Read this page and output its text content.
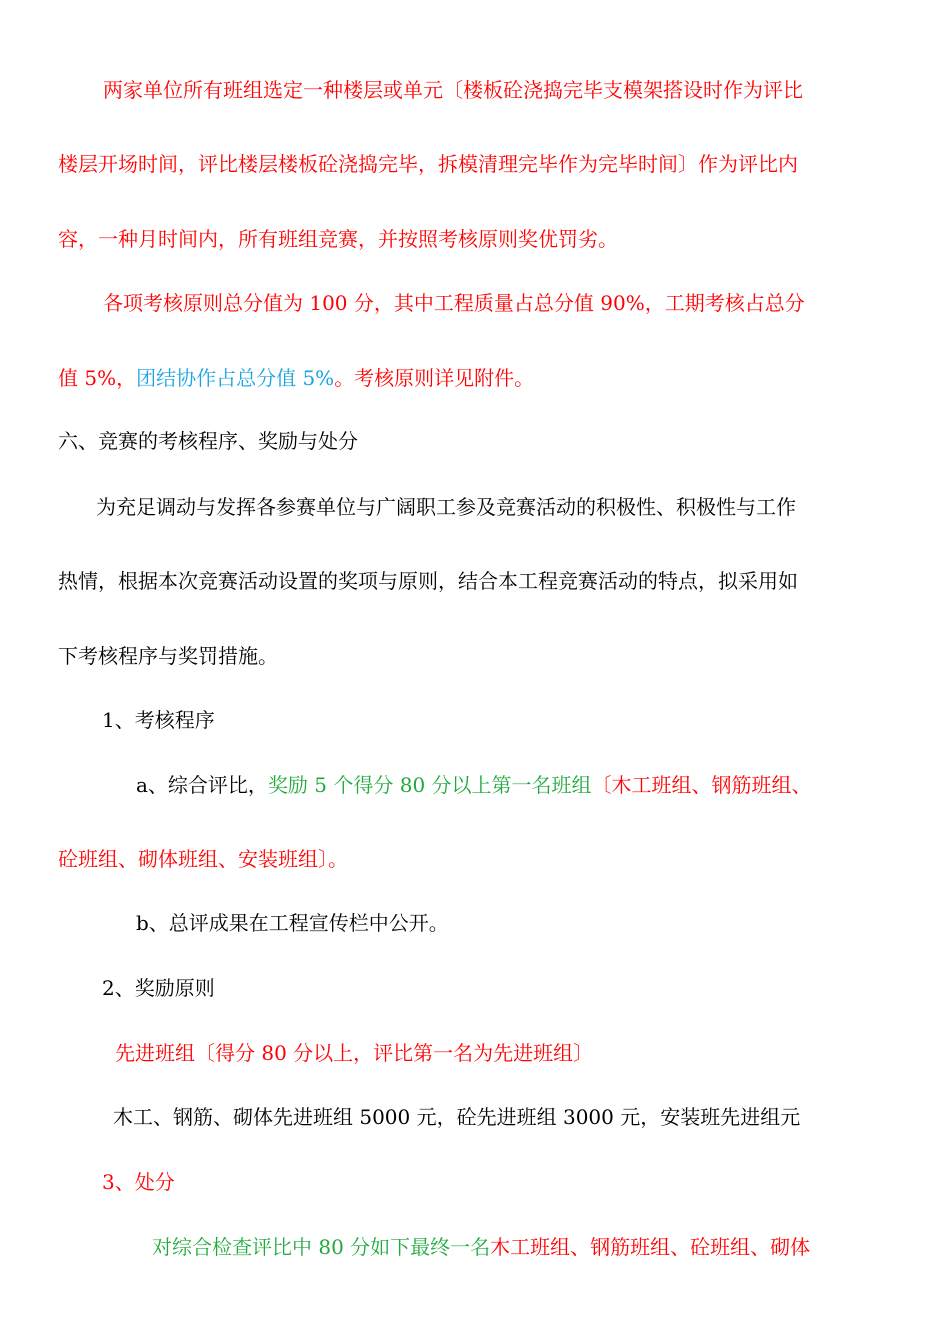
两家单位所有班组选定一种楼层或单元〔楼板砼浇捣完毕支模架搭设时作为评比
楼层开场时间，评比楼层楼板砼浇捣完毕，拆模清理完毕作为完毕时间〕作为评比内
容，一种月时间内，所有班组竞赛，并按照考核原则奖优罚劣。
各项考核原则总分值为 100 分，其中工程质量占总分值 90%，工期考核占总分
值 5%，团结协作占总分值 5%。考核原则详见附件。
六、竞赛的考核程序、奖励与处分
为充足调动与发挥各参赛单位与广阔职工参及竞赛活动的积极性、积极性与工作
热情，根据本次竞赛活动设置的奖项与原则，结合本工程竞赛活动的特点，拟采用如
下考核程序与奖罚措施。
1、考核程序
a、综合评比，奖励 5 个得分 80 分以上第一名班组〔木工班组、钢筋班组、
砼班组、砌体班组、安装班组〕。
b、总评成果在工程宣传栏中公开。
2、奖励原则
先进班组〔得分 80 分以上，评比第一名为先进班组〕
木工、钢筋、砌体先进班组 5000 元，砼先进班组 3000 元，安装班先进组元
3、处分
对综合检查评比中 80 分如下最终一名木工班组、钢筋班组、砼班组、砌体
